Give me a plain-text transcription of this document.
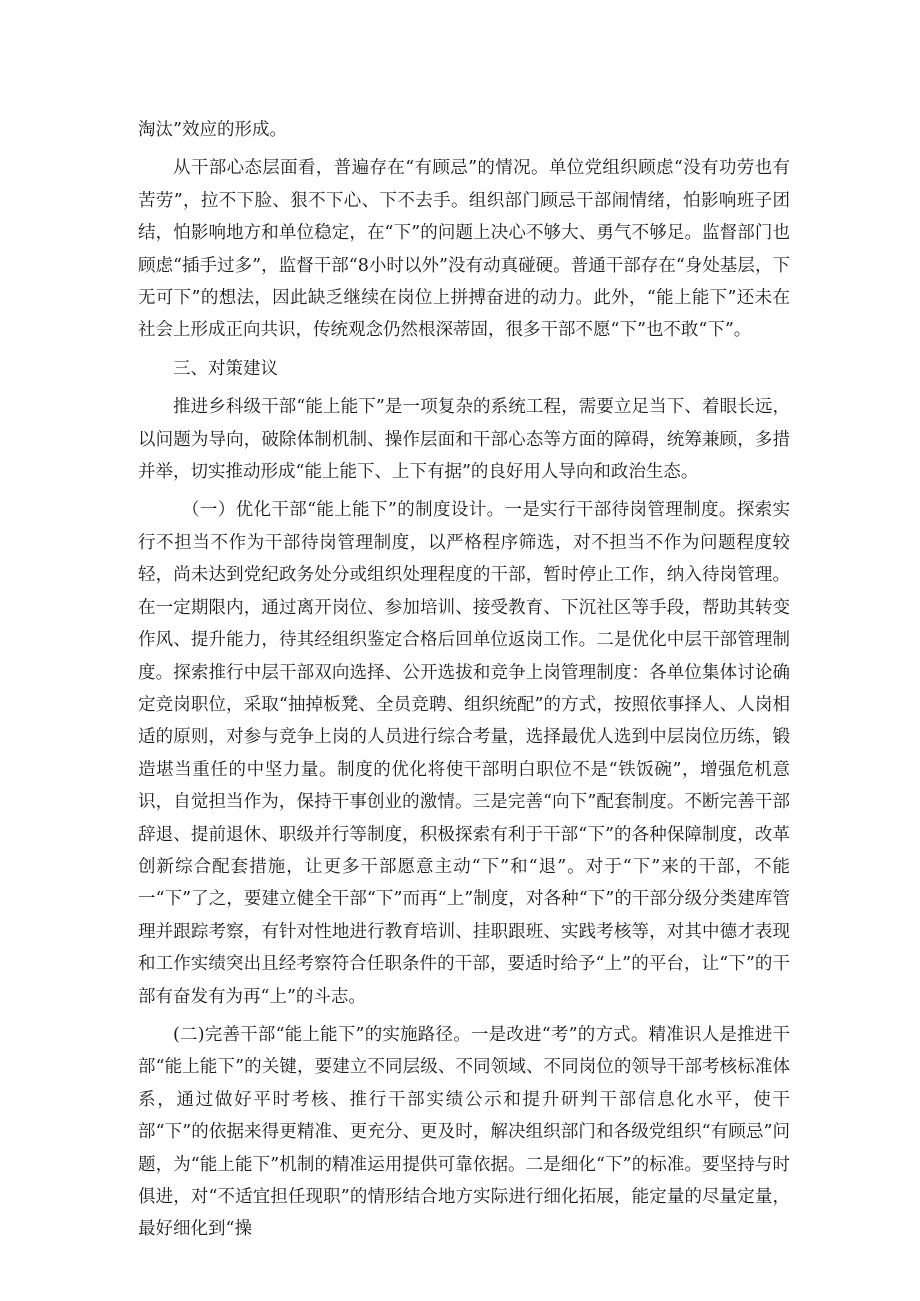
淘汰”效应的形成。

从干部心态层面看，普遍存在“有顾忌”的情况。单位党组织顾虑“没有功劳也有苦劳”，拉不下脸、狠不下心、下不去手。组织部门顾忌干部闹情绪，怕影响班子团结，怕影响地方和单位稳定，在“下”的问题上决心不够大、勇气不够足。监督部门也顾虑“插手过多”，监督干部“8小时以外”没有动真碰硬。普通干部存在“身处基层，下无可下”的想法，因此缺乏继续在岗位上拼搏奋进的动力。此外，“能上能下”还未在社会上形成正向共识，传统观念仍然根深蒂固，很多干部不愿“下”也不敢“下”。

三、对策建议

推进乡科级干部“能上能下”是一项复杂的系统工程，需要立足当下、着眼长远，以问题为导向，破除体制机制、操作层面和干部心态等方面的障碍，统筹兼顾，多措并举，切实推动形成“能上能下、上下有据”的良好用人导向和政治生态。

（一）优化干部“能上能下”的制度设计。一是实行干部待岗管理制度。探索实行不担当不作为干部待岗管理制度，以严格程序筛选，对不担当不作为问题程度较轻，尚未达到党纪政务处分或组织处理程度的干部，暂时停止工作，纳入待岗管理。在一定期限内，通过离开岗位、参加培训、接受教育、下沉社区等手段，帮助其转变作风、提升能力，待其经组织鉴定合格后回单位返岗工作。二是优化中层干部管理制度。探索推行中层干部双向选择、公开选拔和竞争上岗管理制度：各单位集体讨论确定竞岗职位，采取“抽掉板凳、全员竞聘、组织统配”的方式，按照依事择人、人岗相适的原则，对参与竞争上岗的人员进行综合考量，选择最优人选到中层岗位历练，锻造堪当重任的中坚力量。制度的优化将使干部明白职位不是“铁饭碗”，增强危机意识，自觉担当作为，保持干事创业的激情。三是完善“向下”配套制度。不断完善干部辞退、提前退休、职级并行等制度，积极探索有利于干部“下”的各种保障制度，改革创新综合配套措施，让更多干部愿意主动“下”和“退”。对于“下”来的干部，不能一“下”了之，要建立健全干部“下”而再“上”制度，对各种“下”的干部分级分类建库管理并跟踪考察，有针对性地进行教育培训、挂职跟班、实践考核等，对其中德才表现和工作实绩突出且经考察符合任职条件的干部，要适时给予“上”的平台，让“下”的干部有奋发有为再“上”的斗志。

(二)完善干部“能上能下”的实施路径。一是改进“考”的方式。精准识人是推进干部“能上能下”的关键，要建立不同层级、不同领域、不同岗位的领导干部考核标准体系，通过做好平时考核、推行干部实绩公示和提升研判干部信息化水平，使干部“下”的依据来得更精准、更充分、更及时，解决组织部门和各级党组织“有顾忌”问题，为“能上能下”机制的精准运用提供可靠依据。二是细化“下”的标准。要坚持与时俱进，对“不适宜担任现职”的情形结合地方实际进行细化拓展，能定量的尽量定量，最好细化到“操
